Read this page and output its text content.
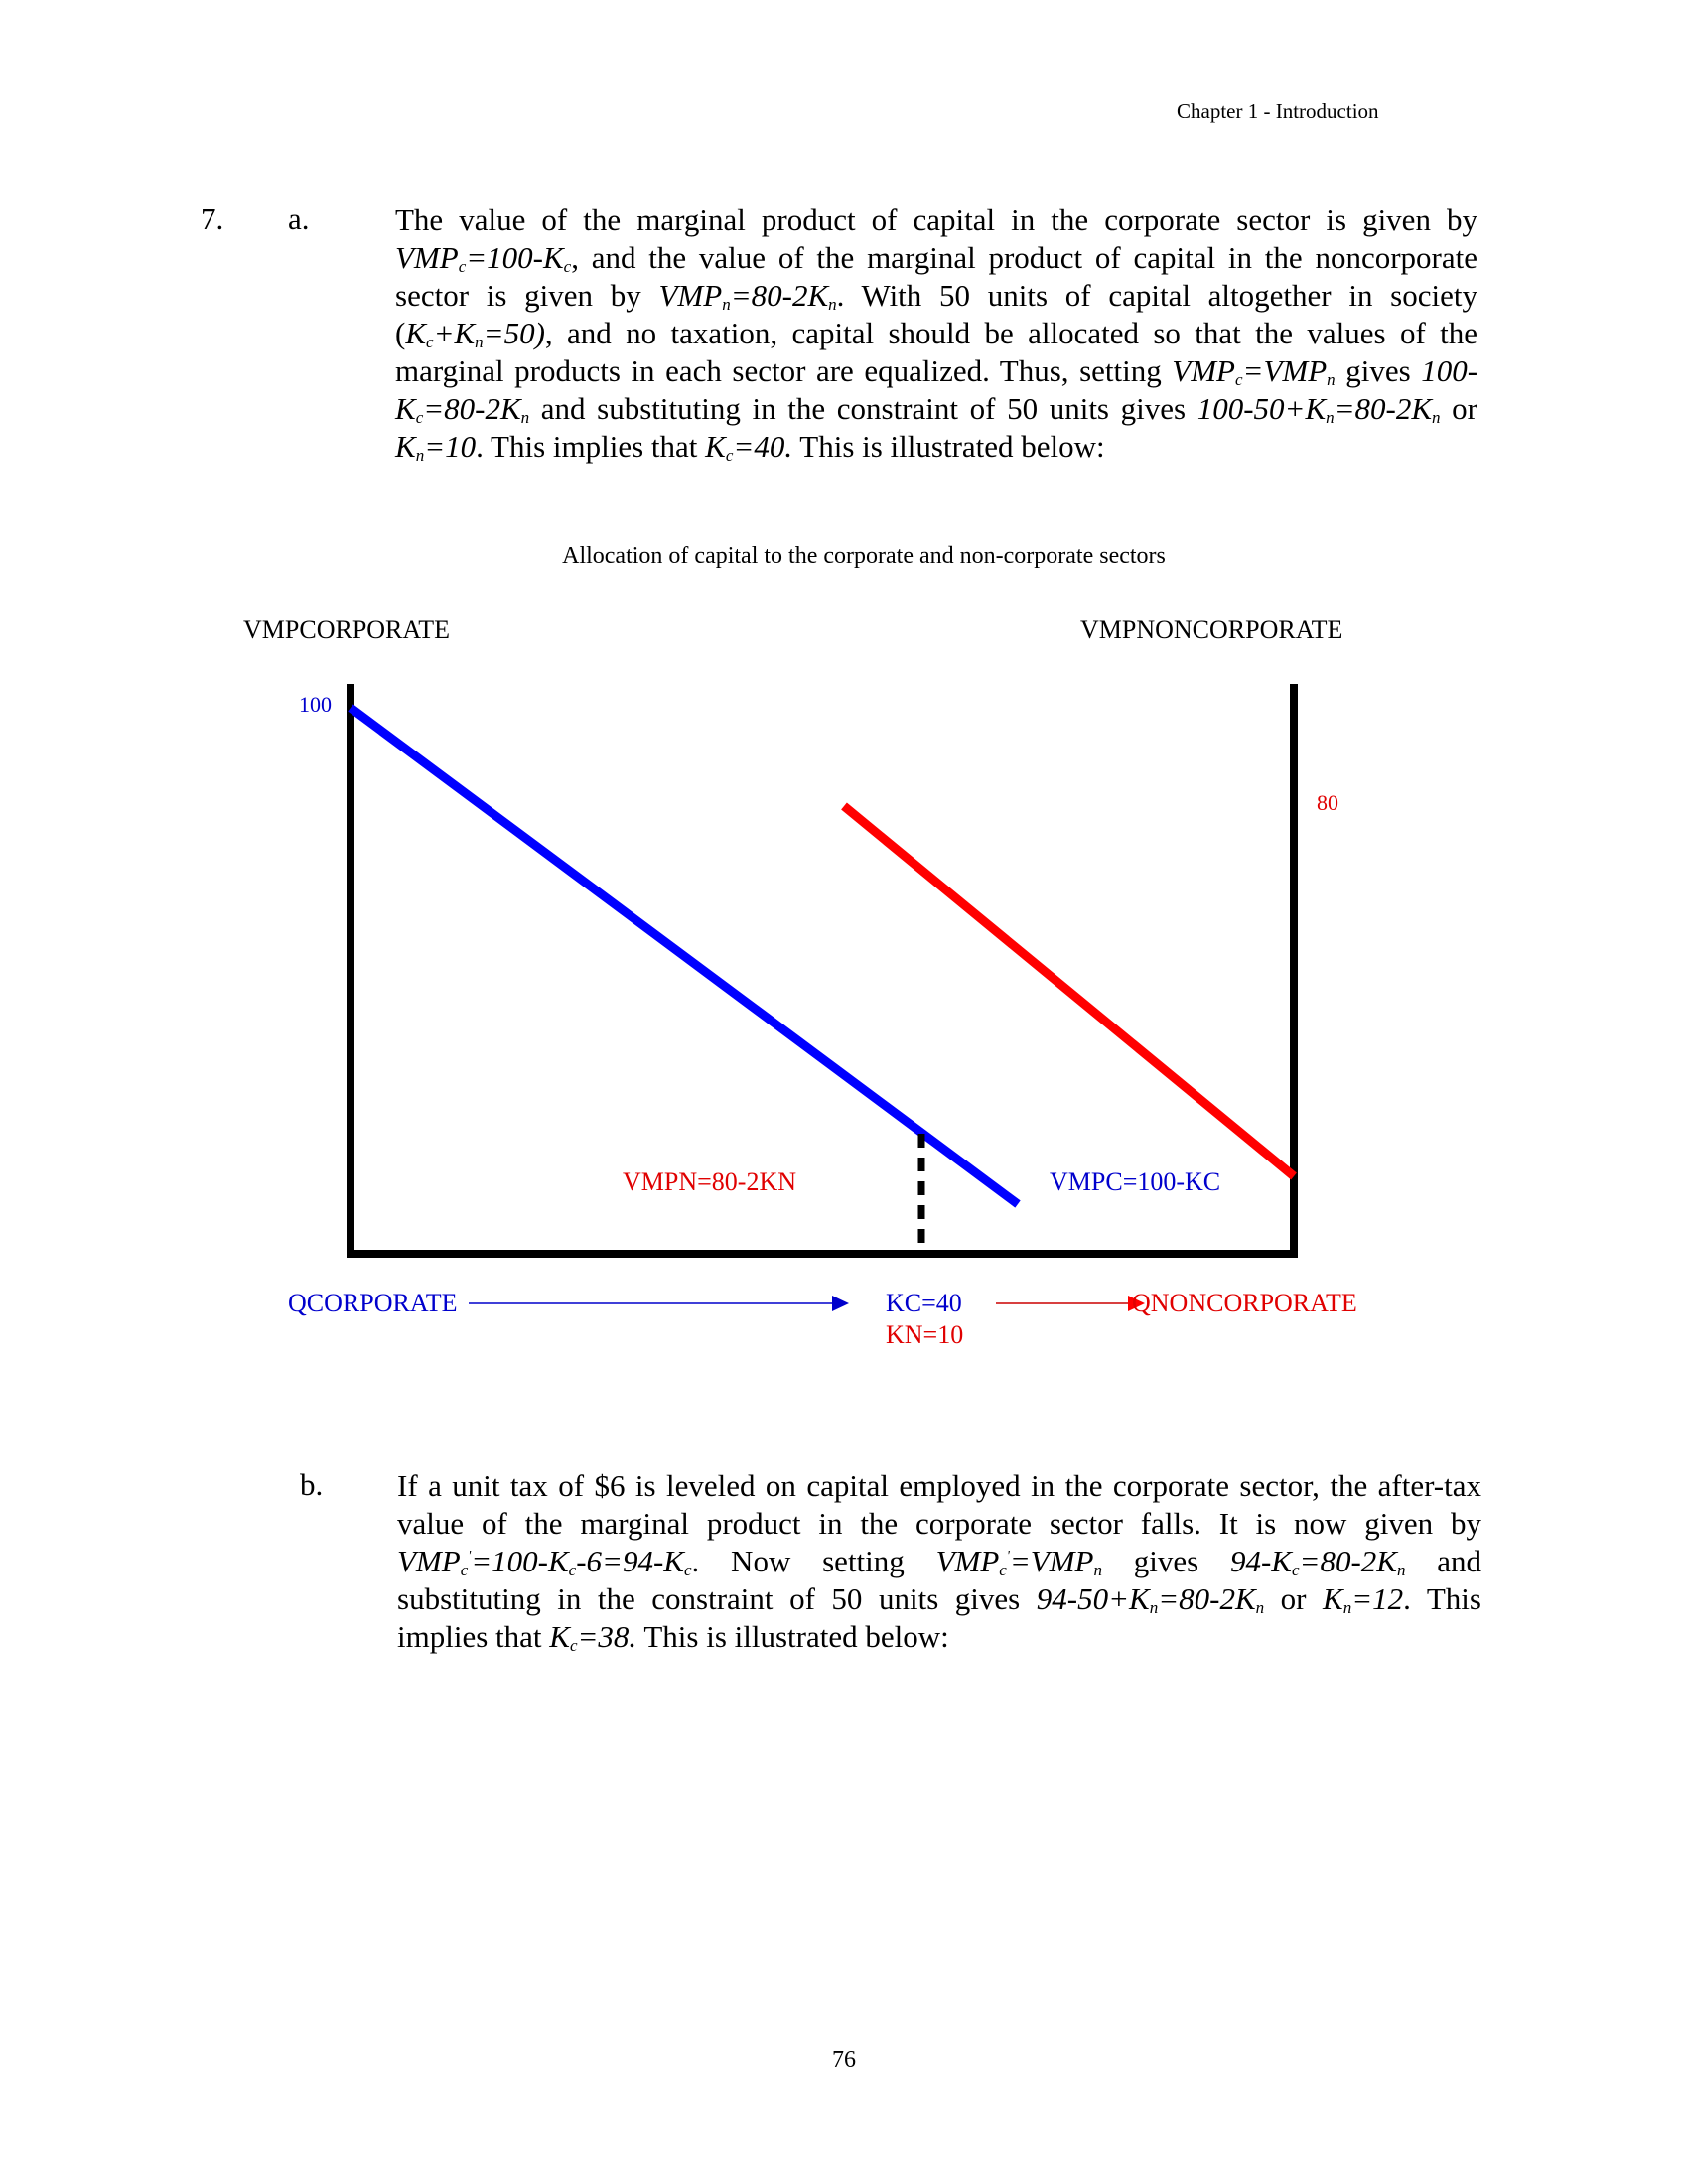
Chapter 1 - Introduction
7. a.	The value of the marginal product of capital in the corporate sector is given by $VMP_c=100-K_c$, and the value of the marginal product of capital in the noncorporate sector is given by $VMP_n=80-2K_n$. With 50 units of capital altogether in society $(K_c+K_n=50)$, and no taxation, capital should be allocated so that the values of the marginal products in each sector are equalized. Thus, setting $VMP_c=VMP_n$ gives $100-K_c=80-2K_n$ and substituting in the constraint of 50 units gives $100-50+K_n=80-2K_n$ or $K_n=10$. This implies that $K_c=40$. This is illustrated below:
Allocation of capital to the corporate and non-corporate sectors
VMPCORPORATE	VMPNONCORPORATE
100
80
VMPN=80-2KN	VMPC=100-KC
QCORPORATE	KC=40
KN=10
QNONCORPORATE
b. If a unit tax of $6 is leveled on capital employed in the corporate sector, the after-tax value of the marginal product in the corporate sector falls. It is now given by $VMP_c'=100-K_c-6=94-K_c$. Now setting $VMP_c'=VMP_n$ gives $94-K_c=80-2K_n$ and substituting in the constraint of 50 units gives $94-50+K_n=80-2K_n$ or $K_n=12$. This implies that $K_c=38$. This is illustrated below:
76
